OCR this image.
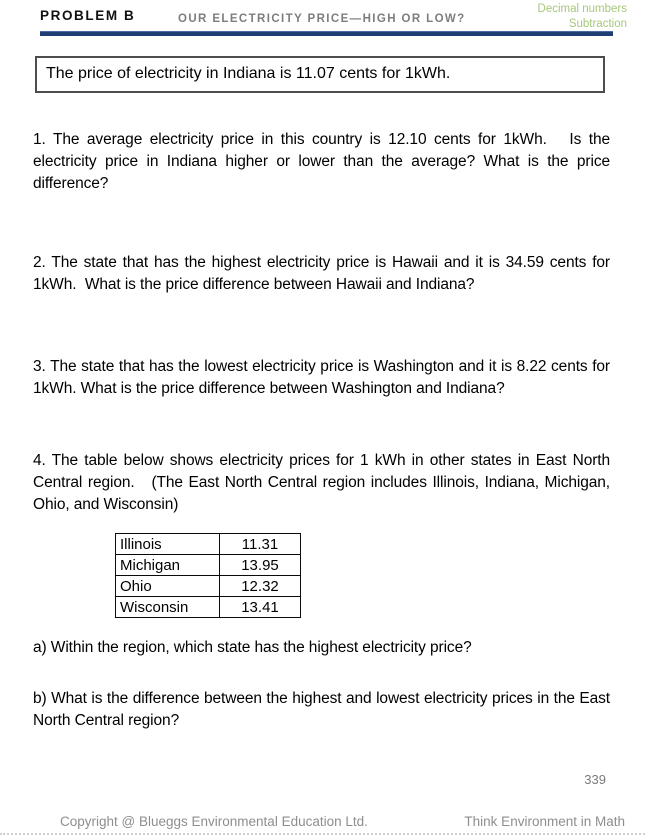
PROBLEM B	OUR ELECTRICITY PRICE—HIGH OR LOW?
Decimal numbers
Subtraction
The price of electricity in Indiana is 11.07 cents for 1kWh.

1. The average electricity price in this country is 12.10 cents for 1kWh.   Is the electricity price in Indiana higher or lower than the average? What is the price difference?

2. The state that has the highest electricity price is Hawaii and it is 34.59 cents for 1kWh.  What is the price difference between Hawaii and Indiana?

3. The state that has the lowest electricity price is Washington and it is 8.22 cents for 1kWh. What is the price difference between Washington and Indiana?

4. The table below shows electricity prices for 1 kWh in other states in East North Central region.   (The East North Central region includes Illinois, Indiana, Michigan, Ohio, and Wisconsin)

Illinois	11.31
Michigan	13.95
Ohio	12.32
Wisconsin	13.41

a) Within the region, which state has the highest electricity price?

b) What is the difference between the highest and lowest electricity prices in the East North Central region?

339
Copyright @ Blueggs Environmental Education Ltd.	Think Environment in Math
